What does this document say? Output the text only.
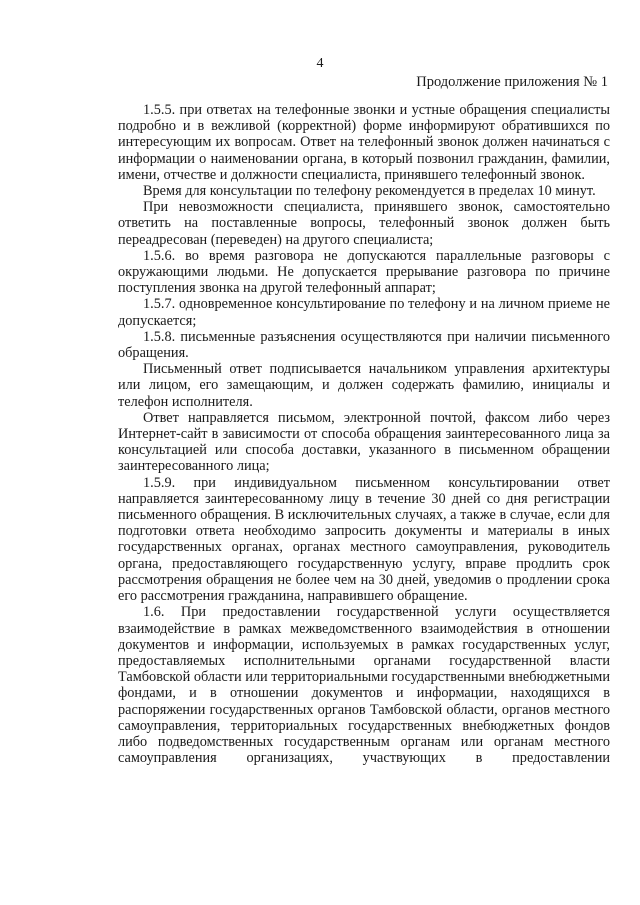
4
Продолжение приложения № 1

1.5.5. при ответах на телефонные звонки и устные обращения специалисты подробно и в вежливой (корректной) форме информируют обратившихся по интересующим их вопросам. Ответ на телефонный звонок должен начинаться с информации о наименовании органа, в который позвонил гражданин, фамилии, имени, отчестве и должности специалиста, принявшего телефонный звонок.

Время для консультации по телефону рекомендуется в пределах 10 минут.

При невозможности специалиста, принявшего звонок, самостоятельно ответить на поставленные вопросы, телефонный звонок должен быть переадресован (переведен) на другого специалиста;

1.5.6. во время разговора не допускаются параллельные разговоры с окружающими людьми. Не допускается прерывание разговора по причине поступления звонка на другой телефонный аппарат;

1.5.7. одновременное консультирование по телефону и на личном приеме не допускается;

1.5.8. письменные разъяснения осуществляются при наличии письменного обращения.

Письменный ответ подписывается начальником управления архитектуры или лицом, его замещающим, и должен содержать фамилию, инициалы и телефон исполнителя.

Ответ направляется письмом, электронной почтой, факсом либо через Интернет-сайт в зависимости от способа обращения заинтересованного лица за консультацией или способа доставки, указанного в письменном обращении заинтересованного лица;

1.5.9. при индивидуальном письменном консультировании ответ направляется заинтересованному лицу в течение 30 дней со дня регистрации письменного обращения. В исключительных случаях, а также в случае, если для подготовки ответа необходимо запросить документы и материалы в иных государственных органах, органах местного самоуправления, руководитель органа, предоставляющего государственную услугу, вправе продлить срок рассмотрения обращения не более чем на 30 дней, уведомив о продлении срока его рассмотрения гражданина, направившего обращение.

1.6. При предоставлении государственной услуги осуществляется взаимодействие в рамках межведомственного взаимодействия в отношении документов и информации, используемых в рамках государственных услуг, предоставляемых исполнительными органами государственной власти Тамбовской области или территориальными государственными внебюджетными фондами, и в отношении документов и информации, находящихся в распоряжении государственных органов Тамбовской области, органов местного самоуправления, территориальных государственных внебюджетных фондов либо подведомственных государственным органам или органам местного самоуправления организациях, участвующих в предоставлении
